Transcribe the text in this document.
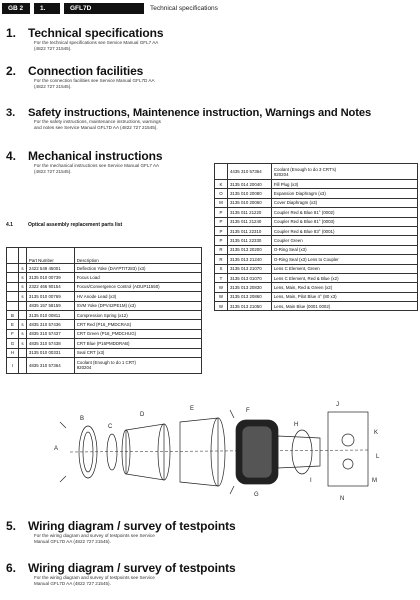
GB 2	1.	GFL7D	Technical specifications
1. Technical specifications

For the technical specifications see Service Manual GFL7 AA
(4822 727 21545).

2. Connection facilities

For the connection facilities see Service Manual GFL7D AA
(4822 727 21545).

3. Safety instructions, Maintenence instruction, Warnings and Notes

For the safety instructions, maintenance instructions, warnings
and notes see Service Manual GFL7D AA (4822 727 21545).

4. Mechanical instructions

For the mechanical instructions see Service Manual GFL7 AA
(4822 727 21545).

4.1	Optical assembly replacement parts list
		Part Number	Description
	s	2422 549 45001	Deflection Yoke (DAYPTIT283) (x3)
	s	3135 010 00739	Focus Load
	s	2322 466 90154	Focus/Convergence Control (ADUP11550)
	s	3135 010 00769	HV Anode Lead (x3)
		4835 157 58159	SVM Yoke (DPV42PE1M) (x3)
B		3135 010 00811	Compression Spring (x12)
E	s	4835 310 57436	CRT Red (P16_PMDCRAS)
F	s	4835 310 57437	CRT Green (P16_PMDCHUG)
G	s	4835 310 57438	CRT Blue (P16PMDDRAB)
H		3135 010 00331	Seal CRT (x3)
I		4835 310 57364	Coolant (Enough to do 1 CRT)
920204
	4435 310 57364	Coolant (Enough to do 3 CRT's)
920204

K	3135 014 20040	Fill Plug (x3)
O	3135 010 20080	Expansion Diaphragm (x3)
M	3135 010 20060	Cover Diaphragm (x3)
P	3135 011 21220	Coupler Red & Blue 81° (0002)
P	3135 011 21240	Coupler Red & Blue 81° (0003)
P	3135 011 22310	Coupler Red & Blue 83° (0001)
P	3135 011 22330	Coupler Green
R	3135 013 20200	O-Ring Seal (x3)
R	3135 013 21240	O-Ring Seal (x3) Lens to Coupler
S	3135 013 21070	Lens C Element, Green
T	3135 013 01070	Lens C Element, Red & Blue (x2)
W	3135 013 20830	Lens, Main, Red & Green (x2)
W	3135 013 20860	Lens, Main, Pilot Blue 4° (80 x3)
W	3135 013 21050	Lens, Main Blue (0001 0002)
A
B
C
D
E	F
G
H
I
J
K
L
M
N
5. Wiring diagram / survey of testpoints

For the wiring diagram and survey of testpoints see Service
Manual GFL7D AA (4822 727 21545).

6. Wiring diagram / survey of testpoints

For the wiring diagram and survey of testpoints see Service
Manual GFL7D AA (4822 727 21545).
